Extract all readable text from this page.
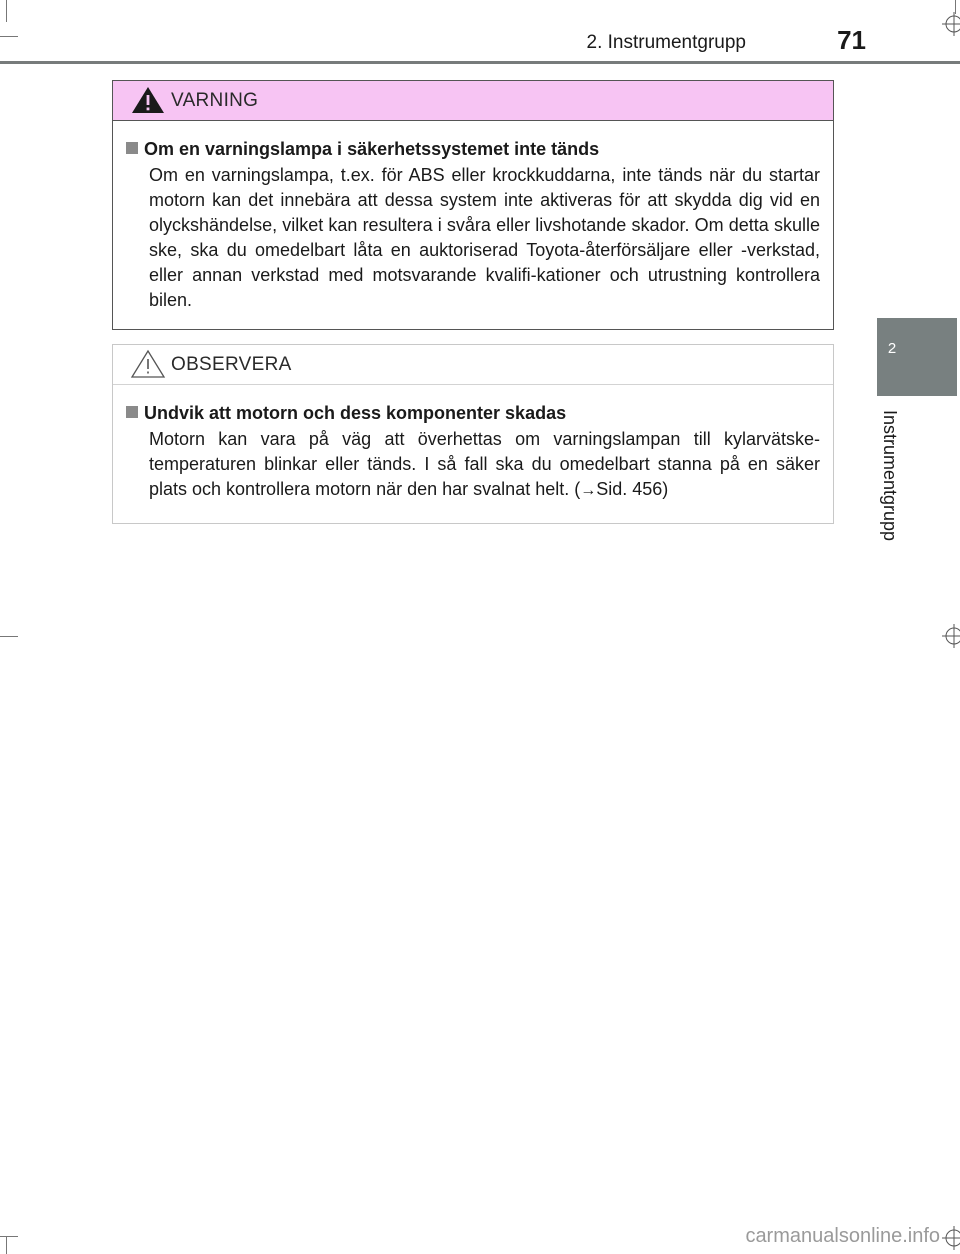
2. Instrumentgrupp	71
2
Instrumentgrupp
VARNING
Om en varningslampa i säkerhetssystemet inte tänds
Om en varningslampa, t.ex. för ABS eller krockkuddarna, inte tänds när du startar motorn kan det innebära att dessa system inte aktiveras för att skydda dig vid en olyckshändelse, vilket kan resultera i svåra eller livshotande skador. Om detta skulle ske, ska du omedelbart låta en auktoriserad Toyota-återförsäljare eller -verkstad, eller annan verkstad med motsvarande kvalifi-kationer och utrustning kontrollera bilen.
OBSERVERA
Undvik att motorn och dess komponenter skadas
Motorn kan vara på väg att överhettas om varningslampan till kylarvätske-temperaturen blinkar eller tänds. I så fall ska du omedelbart stanna på en säker plats och kontrollera motorn när den har svalnat helt. (→Sid. 456)
carmanualsonline.info
